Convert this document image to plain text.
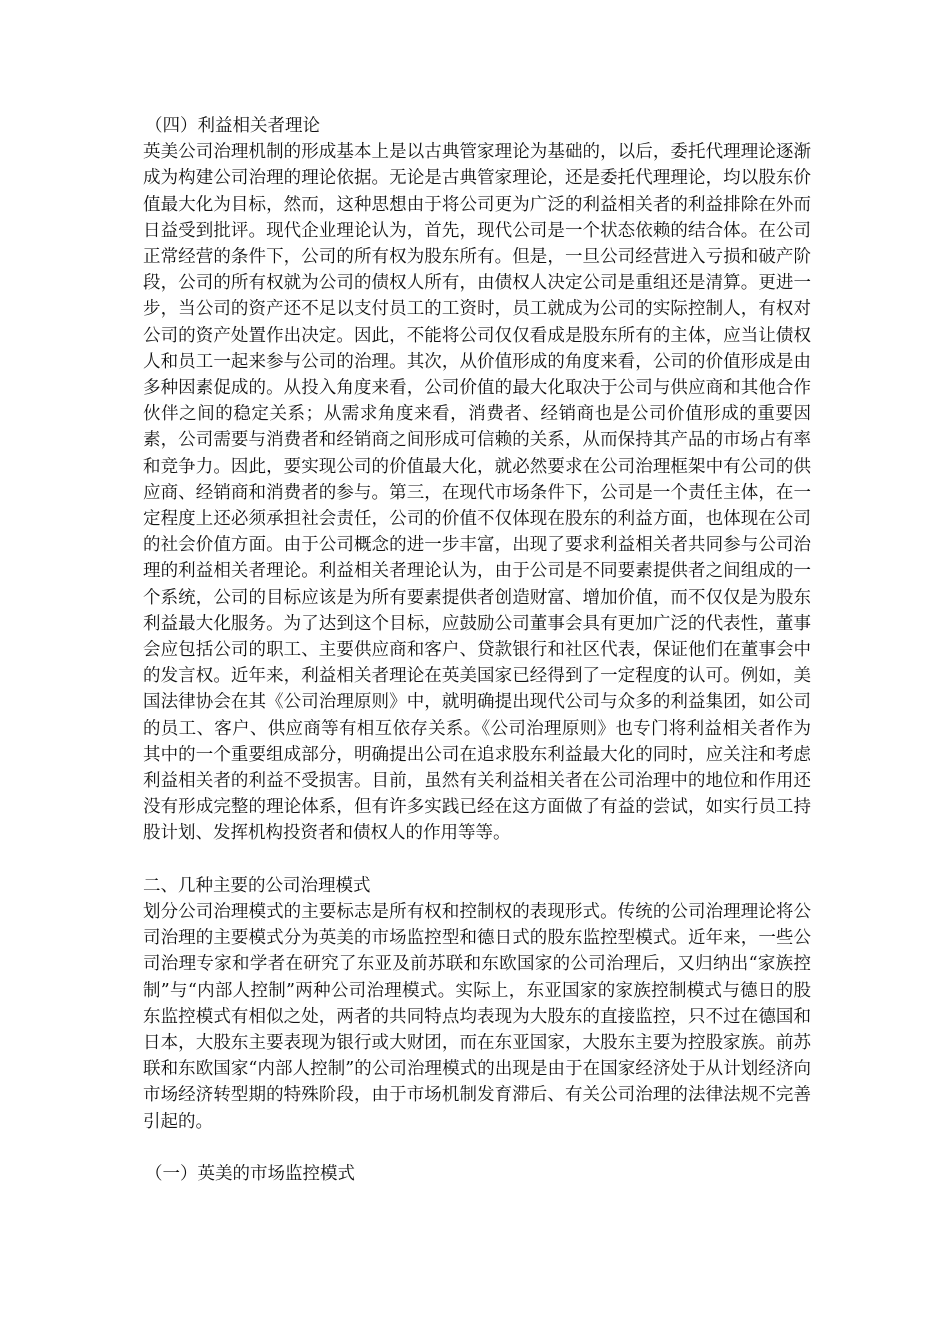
（四）利益相关者理论

英美公司治理机制的形成基本上是以古典管家理论为基础的，以后，委托代理理论逐渐成为构建公司治理的理论依据。无论是古典管家理论，还是委托代理理论，均以股东价值最大化为目标，然而，这种思想由于将公司更为广泛的利益相关者的利益排除在外而日益受到批评。现代企业理论认为，首先，现代公司是一个状态依赖的结合体。在公司正常经营的条件下，公司的所有权为股东所有。但是，一旦公司经营进入亏损和破产阶段，公司的所有权就为公司的债权人所有，由债权人决定公司是重组还是清算。更进一步，当公司的资产还不足以支付员工的工资时，员工就成为公司的实际控制人，有权对公司的资产处置作出决定。因此，不能将公司仅仅看成是股东所有的主体，应当让债权人和员工一起来参与公司的治理。其次，从价值形成的角度来看，公司的价值形成是由多种因素促成的。从投入角度来看，公司价值的最大化取决于公司与供应商和其他合作伙伴之间的稳定关系；从需求角度来看，消费者、经销商也是公司价值形成的重要因素，公司需要与消费者和经销商之间形成可信赖的关系，从而保持其产品的市场占有率和竞争力。因此，要实现公司的价值最大化，就必然要求在公司治理框架中有公司的供应商、经销商和消费者的参与。第三，在现代市场条件下，公司是一个责任主体，在一定程度上还必须承担社会责任，公司的价值不仅体现在股东的利益方面，也体现在公司的社会价值方面。由于公司概念的进一步丰富，出现了要求利益相关者共同参与公司治理的利益相关者理论。利益相关者理论认为，由于公司是不同要素提供者之间组成的一个系统，公司的目标应该是为所有要素提供者创造财富、增加价值，而不仅仅是为股东利益最大化服务。为了达到这个目标，应鼓励公司董事会具有更加广泛的代表性，董事会应包括公司的职工、主要供应商和客户、贷款银行和社区代表，保证他们在董事会中的发言权。近年来，利益相关者理论在英美国家已经得到了一定程度的认可。例如，美国法律协会在其《公司治理原则》中，就明确提出现代公司与众多的利益集团，如公司的员工、客户、供应商等有相互依存关系。《公司治理原则》也专门将利益相关者作为其中的一个重要组成部分，明确提出公司在追求股东利益最大化的同时，应关注和考虑利益相关者的利益不受损害。目前，虽然有关利益相关者在公司治理中的地位和作用还没有形成完整的理论体系，但有许多实践已经在这方面做了有益的尝试，如实行员工持股计划、发挥机构投资者和债权人的作用等等。

二、几种主要的公司治理模式

划分公司治理模式的主要标志是所有权和控制权的表现形式。传统的公司治理理论将公司治理的主要模式分为英美的市场监控型和德日式的股东监控型模式。近年来，一些公司治理专家和学者在研究了东亚及前苏联和东欧国家的公司治理后，又归纳出“家族控制”与“内部人控制”两种公司治理模式。实际上，东亚国家的家族控制模式与德日的股东监控模式有相似之处，两者的共同特点均表现为大股东的直接监控，只不过在德国和日本，大股东主要表现为银行或大财团，而在东亚国家，大股东主要为控股家族。前苏联和东欧国家“内部人控制”的公司治理模式的出现是由于在国家经济处于从计划经济向市场经济转型期的特殊阶段，由于市场机制发育滞后、有关公司治理的法律法规不完善引起的。

（一）英美的市场监控模式
